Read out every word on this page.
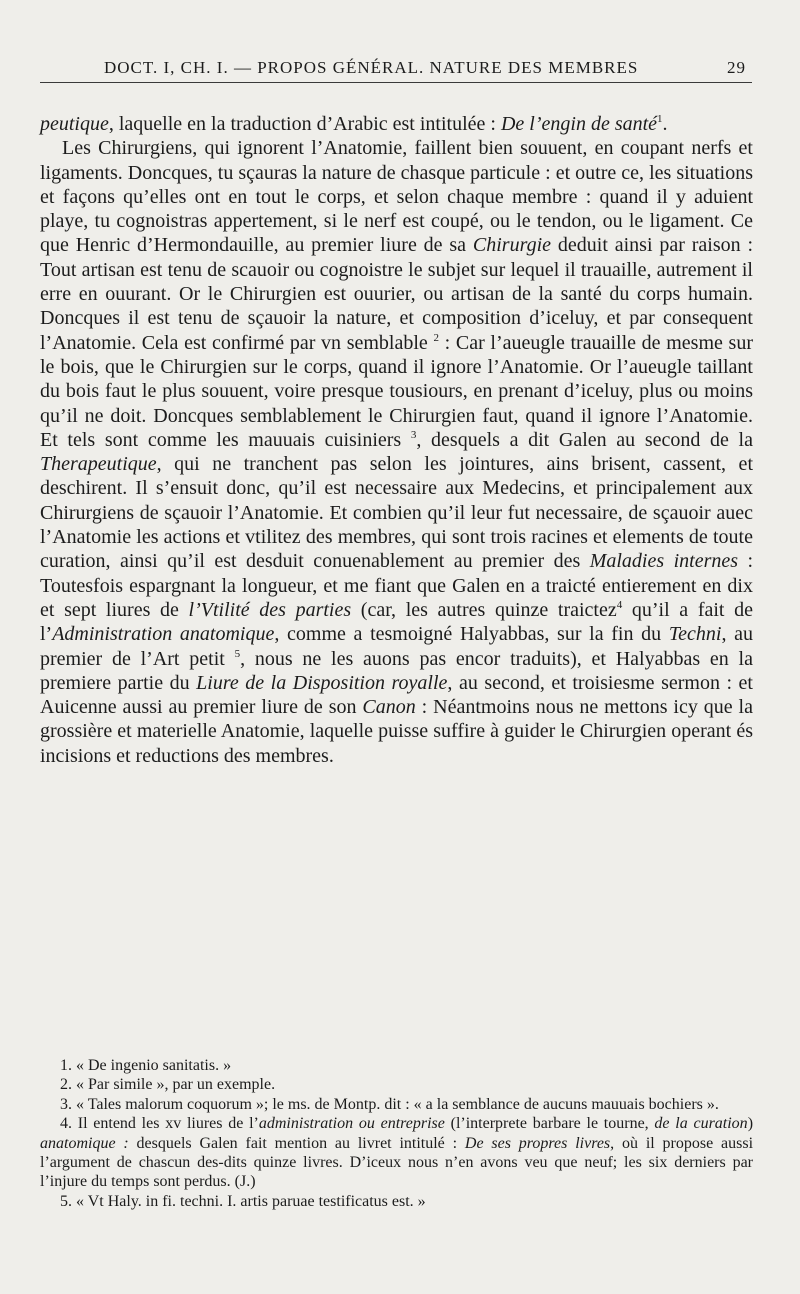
DOCT. I, CH. I. — PROPOS GÉNÉRAL. NATURE DES MEMBRES	29

peutique, laquelle en la traduction d’Arabic est intitulée : De l’engin de santé$^1$.

Les Chirurgiens, qui ignorent l’Anatomie, faillent bien souuent, en coupant nerfs et ligaments. Doncques, tu sçauras la nature de chasque particule : et outre ce, les situations et façons qu’elles ont en tout le corps, et selon chaque membre : quand il y aduient playe, tu cognoistras appertement, si le nerf est coupé, ou le tendon, ou le ligament. Ce que Henric d’Hermondauille, au premier liure de sa Chirurgie deduit ainsi par raison : Tout artisan est tenu de scauoir ou cognoistre le subjet sur lequel il trauaille, autrement il erre en ouurant. Or le Chirurgien est ouurier, ou artisan de la santé du corps humain. Doncques il est tenu de sçauoir la nature, et composition d’iceluy, et par consequent l’Anatomie. Cela est confirmé par vn semblable $^2$ : Car l’aueugle trauaille de mesme sur le bois, que le Chirurgien sur le corps, quand il ignore l’Anatomie. Or l’aueugle taillant du bois faut le plus souuent, voire presque tousiours, en prenant d’iceluy, plus ou moins qu’il ne doit. Doncques semblablement le Chirurgien faut, quand il ignore l’Anatomie. Et tels sont comme les mauuais cuisiniers $^3$, desquels a dit Galen au second de la Therapeutique, qui ne tranchent pas selon les jointures, ains brisent, cassent, et deschirent. Il s’ensuit donc, qu’il est necessaire aux Medecins, et principalement aux Chirurgiens de sçauoir l’Anatomie. Et combien qu’il leur fut necessaire, de sçauoir auec l’Anatomie les actions et vtilitez des membres, qui sont trois racines et elements de toute curation, ainsi qu’il est desduit conuenablement au premier des Maladies internes : Toutesfois espargnant la longueur, et me fiant que Galen en a traicté entierement en dix et sept liures de l’Vtilité des parties (car, les autres quinze traictez$^4$ qu’il a fait de l’Administration anatomique, comme a tesmoigné Halyabbas, sur la fin du Techni, au premier de l’Art petit $^5$, nous ne les auons pas encor traduits), et Halyabbas en la premiere partie du Liure de la Disposition royalle, au second, et troisiesme sermon : et Auicenne aussi au premier liure de son Canon : Néantmoins nous ne mettons icy que la grossière et materielle Anatomie, laquelle puisse suffire à guider le Chirurgien operant és incisions et reductions des membres.

1. « De ingenio sanitatis. »

2. « Par simile », par un exemple.

3. « Tales malorum coquorum »; le ms. de Montp. dit : « a la semblance de aucuns mauuais bochiers ».

4. Il entend les xv liures de l’administration ou entreprise (l’interprete barbare le tourne, de la curation) anatomique : desquels Galen fait mention au livret intitulé : De ses propres livres, où il propose aussi l’argument de chascun des-dits quinze livres. D’iceux nous n’en avons veu que neuf; les six derniers par l’injure du temps sont perdus. (J.)

5. « Vt Haly. in fi. techni. I. artis paruae testificatus est. »
